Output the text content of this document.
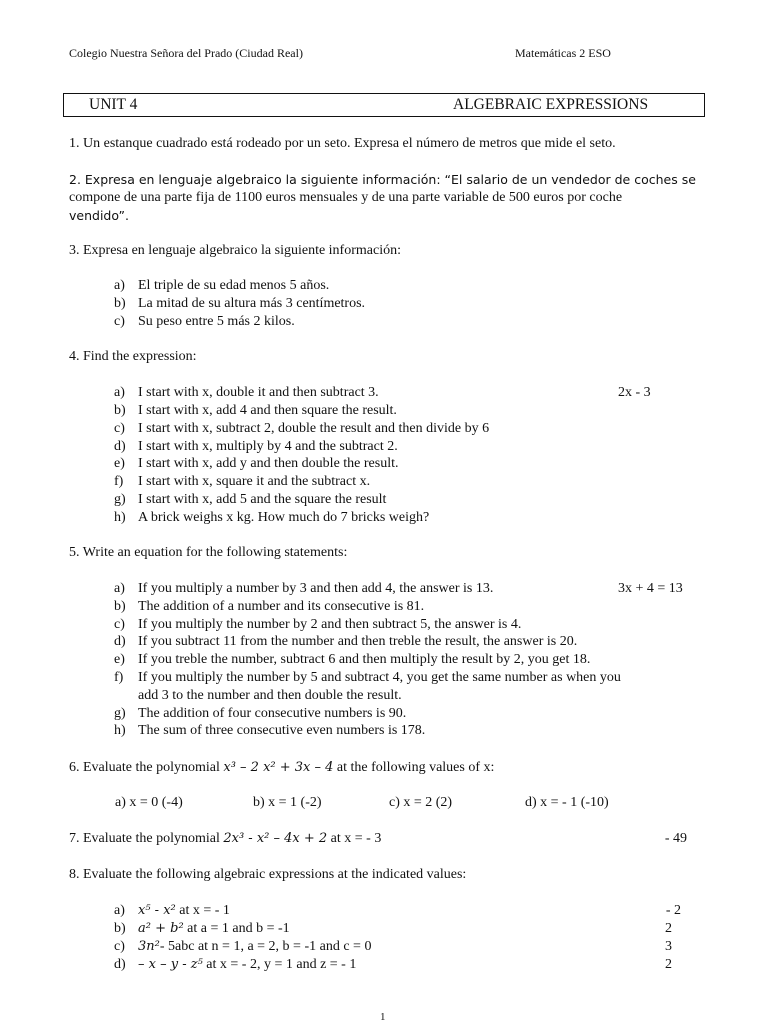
Colegio Nuestra Señora del Prado (Ciudad Real)	Matemáticas 2 ESO
UNIT 4	ALGEBRAIC EXPRESSIONS
1. Un estanque cuadrado está rodeado por un seto. Expresa el número de metros que mide el seto.
2. Expresa en lenguaje algebraico la siguiente información: “El salario de un vendedor de coches se
compone de una parte fija de 1100 euros mensuales y de una parte variable de 500 euros por coche
vendido”.
3. Expresa en lenguaje algebraico la siguiente información:
a) El triple de su edad menos 5 años.
b) La mitad de su altura más 3 centímetros.
c) Su peso entre 5 más 2 kilos.
4. Find the expression:
a) I start with x, double it and then subtract 3.	2x - 3
b) I start with x, add 4 and then square the result.
c) I start with x, subtract 2, double the result and then divide by 6
d) I start with x, multiply by 4 and the subtract 2.
e) I start with x, add y and then double the result.
f) I start with x, square it and the subtract x.
g) I start with x, add 5 and the square the result
h) A brick weighs x kg. How much do 7 bricks weigh?
5. Write an equation for the following statements:
a) If you multiply a number by 3 and then add 4, the answer is 13.	3x + 4 = 13
b) The addition of a number and its consecutive is 81.
c) If you multiply the number by 2 and then subtract 5, the answer is 4.
d) If you subtract 11 from the number and then treble the result, the answer is 20.
e) If you treble the number, subtract 6 and then multiply the result by 2, you get 18.
f) If you multiply the number by 5 and subtract 4, you get the same number as when you
add 3 to the number and then double the result.
g) The addition of four consecutive numbers is 90.
h) The sum of three consecutive even numbers is 178.
6. Evaluate the polynomial x³ – 2 x² + 3x – 4 at the following values of x:
a) x = 0 (-4)	b) x = 1 (-2)	c) x = 2 (2)	d) x = - 1 (-10)
7. Evaluate the polynomial 2x³ - x² – 4x + 2 at x = - 3	- 49
8. Evaluate the following algebraic expressions at the indicated values:
a) x⁵ - x² at x = - 1	- 2
b) a² + b² at a = 1 and b = -1	2
c) 3n²- 5abc at n = 1, a = 2, b = -1 and c = 0	3
d) – x – y - z⁵ at x = - 2, y = 1 and z = - 1	2
1
